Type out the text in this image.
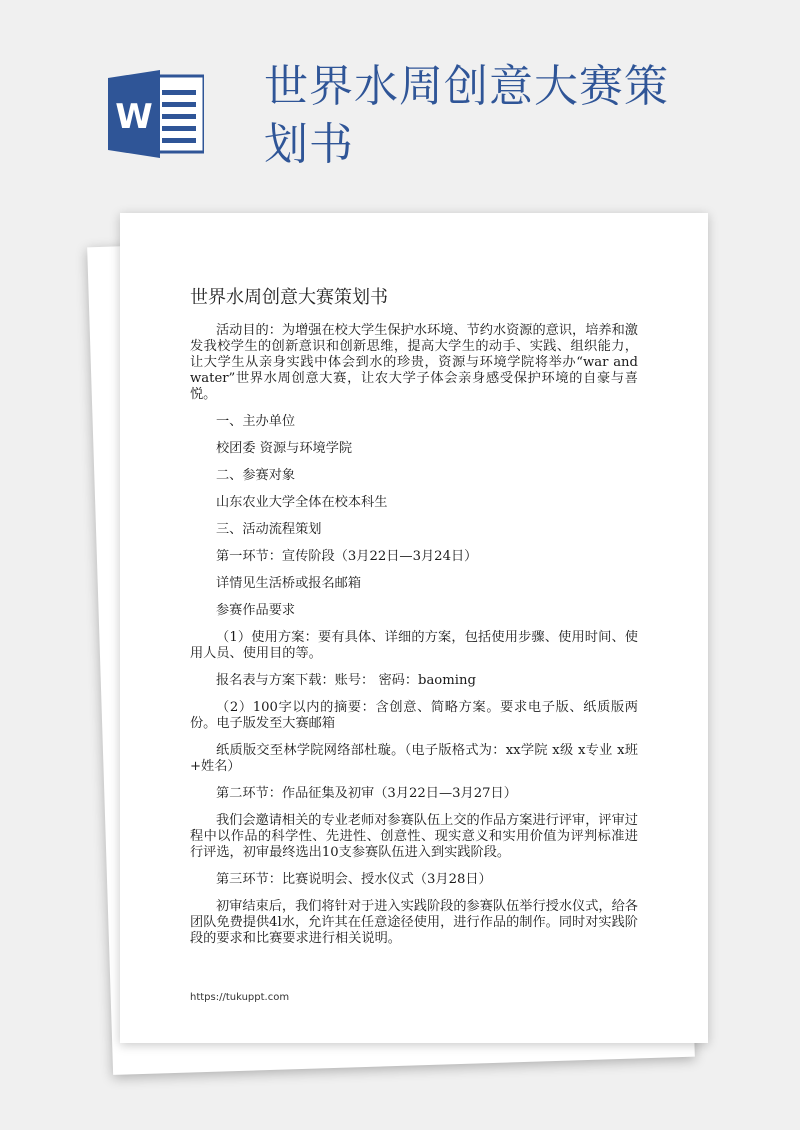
W
世界水周创意大赛策划书
世界水周创意大赛策划书

活动目的：为增强在校大学生保护水环境、节约水资源的意识，培养和激发我校学生的创新意识和创新思维，提高大学生的动手、实践、组织能力，让大学生从亲身实践中体会到水的珍贵，资源与环境学院将举办“war and water”世界水周创意大赛，让农大学子体会亲身感受保护环境的自豪与喜悦。

一、主办单位

校团委 资源与环境学院

二、参赛对象

山东农业大学全体在校本科生

三、活动流程策划

第一环节：宣传阶段（3月22日—3月24日）

详情见生活桥或报名邮箱

参赛作品要求

（1）使用方案：要有具体、详细的方案，包括使用步骤、使用时间、使用人员、使用目的等。

报名表与方案下载：账号： 密码：baoming

（2）100字以内的摘要：含创意、简略方案。要求电子版、纸质版两份。电子版发至大赛邮箱

纸质版交至林学院网络部杜璇。（电子版格式为：xx学院 x级 x专业 x班+姓名）

第二环节：作品征集及初审（3月22日—3月27日）

我们会邀请相关的专业老师对参赛队伍上交的作品方案进行评审，评审过程中以作品的科学性、先进性、创意性、现实意义和实用价值为评判标准进行评选，初审最终选出10支参赛队伍进入到实践阶段。

第三环节：比赛说明会、授水仪式（3月28日）

初审结束后，我们将针对于进入实践阶段的参赛队伍举行授水仪式，给各团队免费提供4l水，允许其在任意途径使用，进行作品的制作。同时对实践阶段的要求和比赛要求进行相关说明。

https://tukuppt.com
